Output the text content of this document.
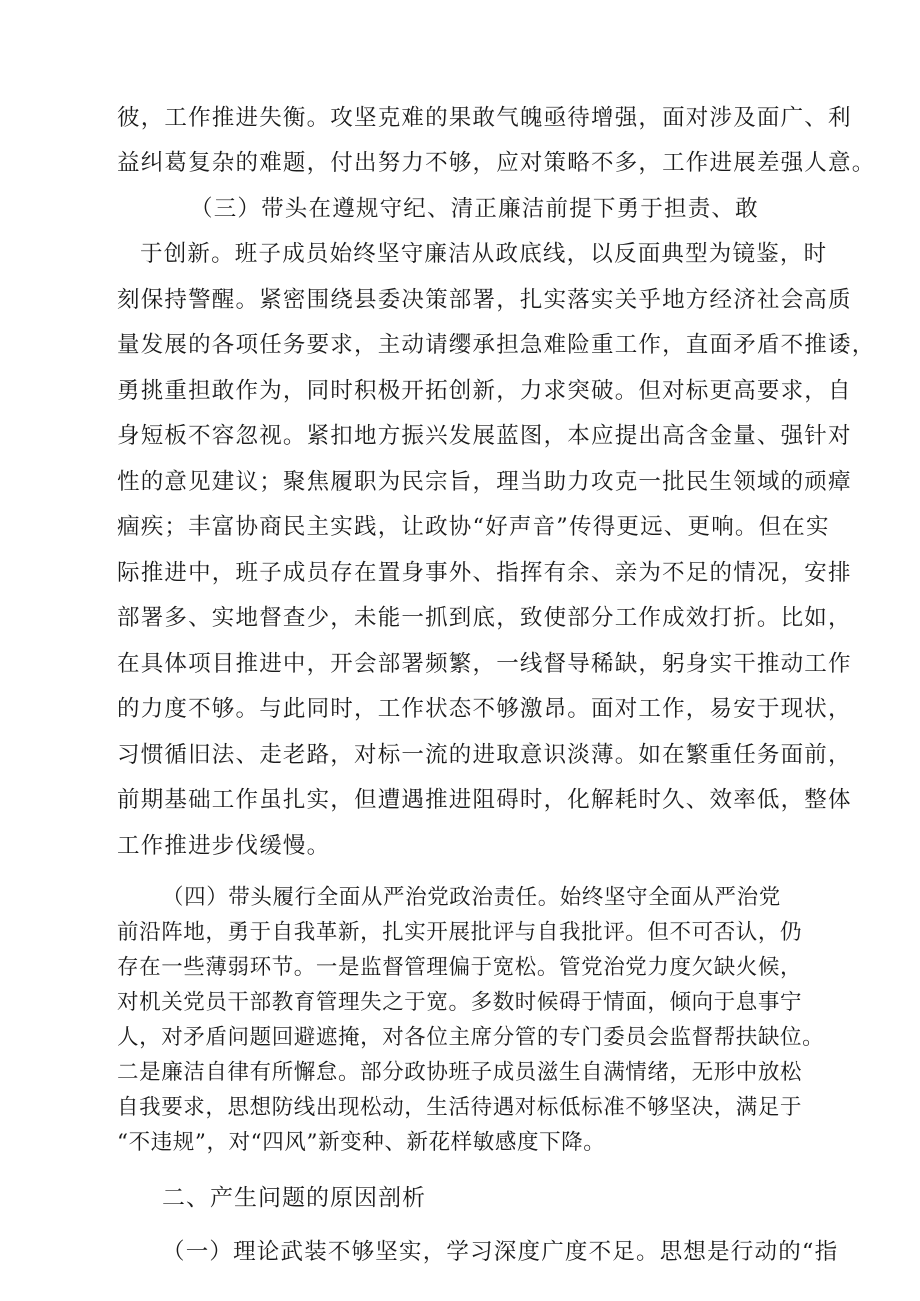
彼，工作推进失衡。攻坚克难的果敢气魄亟待增强，面对涉及面广、利
益纠葛复杂的难题，付出努力不够，应对策略不多，工作进展差强人意。
（三）带头在遵规守纪、清正廉洁前提下勇于担责、敢
于创新。班子成员始终坚守廉洁从政底线，以反面典型为镜鉴，时
刻保持警醒。紧密围绕县委决策部署，扎实落实关乎地方经济社会高质
量发展的各项任务要求，主动请缨承担急难险重工作，直面矛盾不推诿，
勇挑重担敢作为，同时积极开拓创新，力求突破。但对标更高要求，自
身短板不容忽视。紧扣地方振兴发展蓝图，本应提出高含金量、强针对
性的意见建议；聚焦履职为民宗旨，理当助力攻克一批民生领域的顽瘴
痼疾；丰富协商民主实践，让政协“好声音”传得更远、更响。但在实
际推进中，班子成员存在置身事外、指挥有余、亲为不足的情况，安排
部署多、实地督查少，未能一抓到底，致使部分工作成效打折。比如，
在具体项目推进中，开会部署频繁，一线督导稀缺，躬身实干推动工作
的力度不够。与此同时，工作状态不够激昂。面对工作，易安于现状，
习惯循旧法、走老路，对标一流的进取意识淡薄。如在繁重任务面前，
前期基础工作虽扎实，但遭遇推进阻碍时，化解耗时久、效率低，整体
工作推进步伐缓慢。
（四）带头履行全面从严治党政治责任。始终坚守全面从严治党
前沿阵地，勇于自我革新，扎实开展批评与自我批评。但不可否认，仍
存在一些薄弱环节。一是监督管理偏于宽松。管党治党力度欠缺火候，
对机关党员干部教育管理失之于宽。多数时候碍于情面，倾向于息事宁
人，对矛盾问题回避遮掩，对各位主席分管的专门委员会监督帮扶缺位。
二是廉洁自律有所懈怠。部分政协班子成员滋生自满情绪，无形中放松
自我要求，思想防线出现松动，生活待遇对标低标准不够坚决，满足于
“不违规”，对“四风”新变种、新花样敏感度下降。
二、产生问题的原因剖析
（一）理论武装不够坚实，学习深度广度不足。思想是行动的“指
